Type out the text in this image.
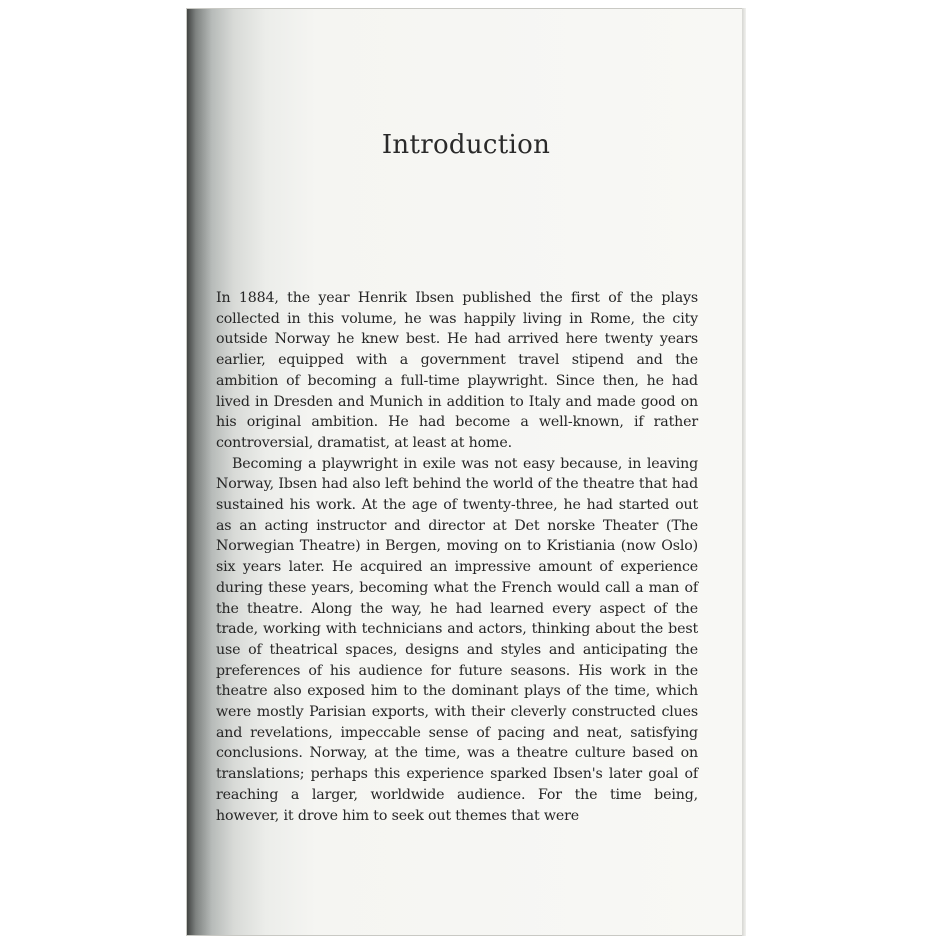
Introduction

In 1884, the year Henrik Ibsen published the first of the plays collected in this volume, he was happily living in Rome, the city outside Norway he knew best. He had arrived here twenty years earlier, equipped with a government travel stipend and the ambition of becoming a full-time playwright. Since then, he had lived in Dresden and Munich in addition to Italy and made good on his original ambition. He had become a well-known, if rather controversial, dramatist, at least at home.

Becoming a playwright in exile was not easy because, in leaving Norway, Ibsen had also left behind the world of the theatre that had sustained his work. At the age of twenty-three, he had started out as an acting instructor and director at Det norske Theater (The Norwegian Theatre) in Bergen, moving on to Kristiania (now Oslo) six years later. He acquired an impressive amount of experience during these years, becoming what the French would call a man of the theatre. Along the way, he had learned every aspect of the trade, working with technicians and actors, thinking about the best use of theatrical spaces, designs and styles and anticipating the preferences of his audience for future seasons. His work in the theatre also exposed him to the dominant plays of the time, which were mostly Parisian exports, with their cleverly constructed clues and revelations, impeccable sense of pacing and neat, satisfying conclusions. Norway, at the time, was a theatre culture based on translations; perhaps this experience sparked Ibsen's later goal of reaching a larger, worldwide audience. For the time being, however, it drove him to seek out themes that were
